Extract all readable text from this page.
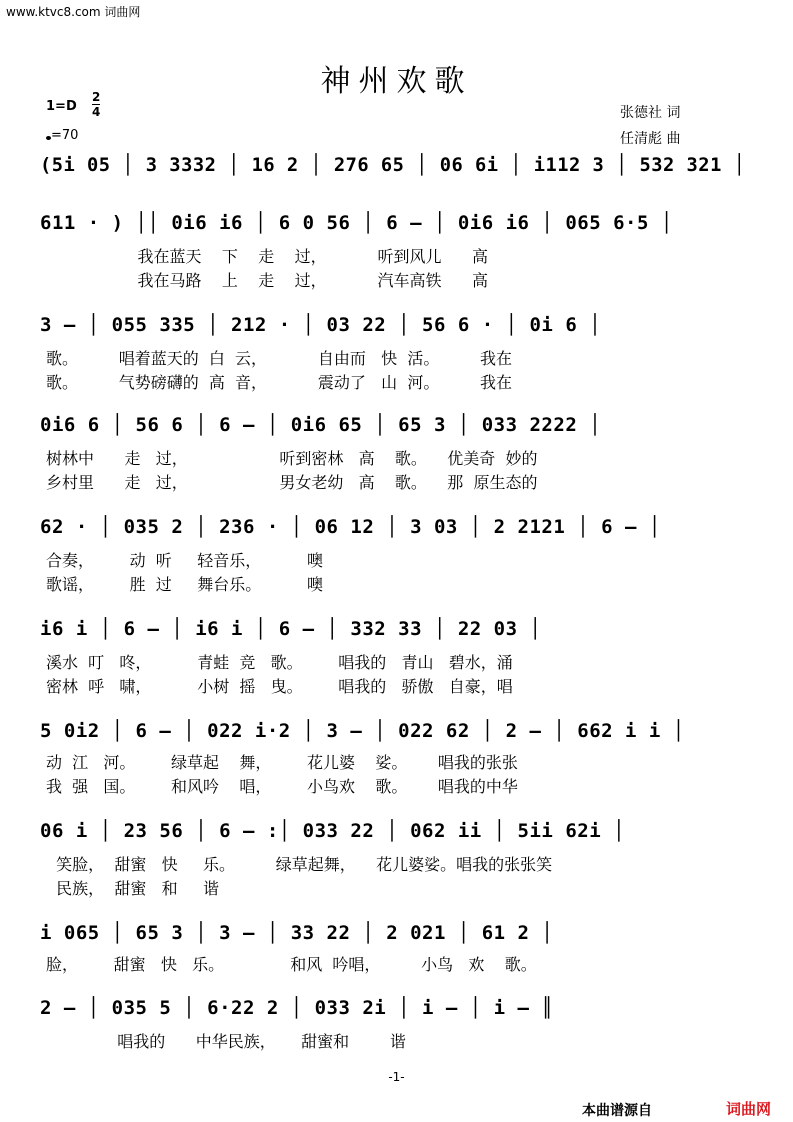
www.ktvc8.com 词曲网
神州欢歌
1=D
2
4
=70
张德社 词
任清彪 曲
(5i 05 │ 3 3332 │ 16 2 │ 276 65 │ 06 6i │ i112 3 │ 532 321 │
611 · ) ││ 0i6 i6 │ 6 0 56 │ 6 – │ 0i6 i6 │ 065 6·5 │
我在蓝天    下    走    过，          听到风儿      高
我在马路    上    走    过，          汽车高铁      高
3 – │ 055 335 │ 212 · │ 03 22 │ 56 6 · │ 0i 6 │
歌。        唱着蓝天的  白  云，          自由而   快  活。        我在
歌。        气势磅礴的  高  音，          震动了   山  河。        我在
0i6 6 │ 56 6 │ 6 – │ 0i6 65 │ 65 3 │ 033 2222 │
树林中      走   过，                  听到密林   高    歌。    优美奇  妙的
乡村里      走   过，                  男女老幼   高    歌。    那  原生态的
62 · │ 035 2 │ 236 · │ 06 12 │ 3 03 │ 2 2121 │ 6 – │
合奏，       动  听     轻音乐，         噢
歌谣，       胜  过     舞台乐。         噢
i6 i │ 6 – │ i6 i │ 6 – │ 332 33 │ 22 03 │
溪水  叮   咚，         青蛙  竞   歌。       唱我的   青山   碧水，涌
密林  呼   啸，         小树  摇   曳。       唱我的   骄傲   自豪，唱
5 0i2 │ 6 – │ 022 i·2 │ 3 – │ 022 62 │ 2 – │ 662 i i │
动  江   河。       绿草起    舞，       花儿婆    娑。      唱我的张张
我  强   国。       和风吟    唱，       小鸟欢    歌。      唱我的中华
06 i │ 23 56 │ 6 – :│ 033 22 │ 062 ii │ 5ii 62i │
笑脸，  甜蜜   快     乐。        绿草起舞，    花儿婆娑。唱我的张张笑
民族，  甜蜜   和     谐
i 065 │ 65 3 │ 3 – │ 33 22 │ 2 021 │ 61 2 │
脸，       甜蜜   快   乐。             和风  吟唱，        小鸟   欢    歌。
2 – │ 035 5 │ 6·22 2 │ 033 2i │ i – │ i – ║
唱我的      中华民族，     甜蜜和        谐
-1-
本曲谱源自	词曲网
